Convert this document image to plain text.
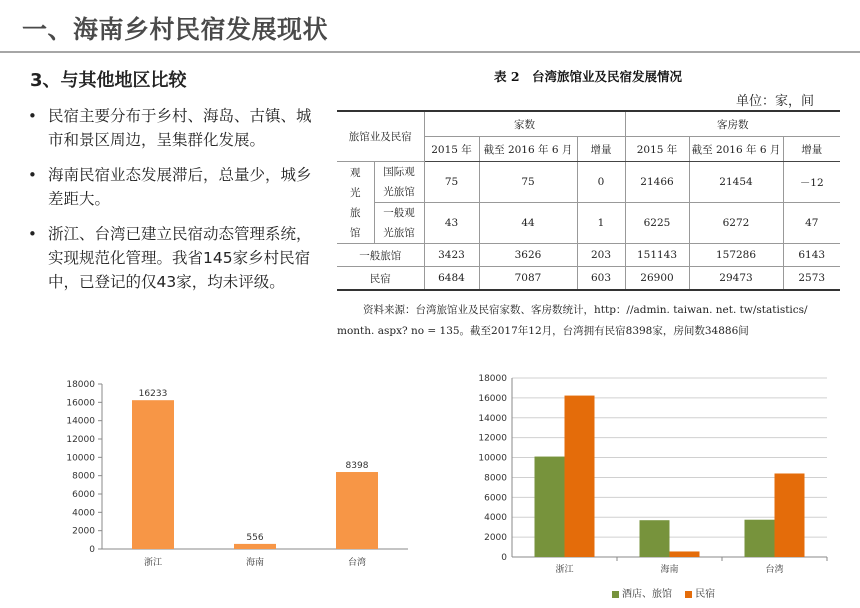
一、海南乡村民宿发展现状
3、与其他地区比较
• 民宿主要分布于乡村、海岛、古镇、城市和景区周边，呈集群化发展。
• 海南民宿业态发展滞后，总量少，城乡差距大。
• 浙江、台湾已建立民宿动态管理系统，实现规范化管理。我省145家乡村民宿中，已登记的仅43家，均未评级。
表 2　台湾旅馆业及民宿发展情况
单位：家，间
旅馆业及民宿		家数			客房数		
		2015 年	截至 2016 年 6 月	增量	2015 年	截至 2016 年 6 月	增量
观光旅馆	国际观光旅馆	75	75	0	21466	21454	－12
	一般观光旅馆	43	44	1	6225	6272	47
一般旅馆		3423	3626	203	151143	157286	6143
民宿		6484	7087	603	26900	29473	2573
资料来源：台湾旅馆业及民宿家数、客房数统计，http：//admin. taiwan. net. tw/statistics/
month. aspx? no = 135。截至2017年12月，台湾拥有民宿8398家，房间数34886间
0
2000
4000
6000
8000
10000
12000
14000
16000
18000
16233
浙江
556
海南
8398
台湾	0
2000
4000
6000
8000
10000
12000
14000
16000
18000
浙江	海南	台湾
酒店、旅馆 民宿
